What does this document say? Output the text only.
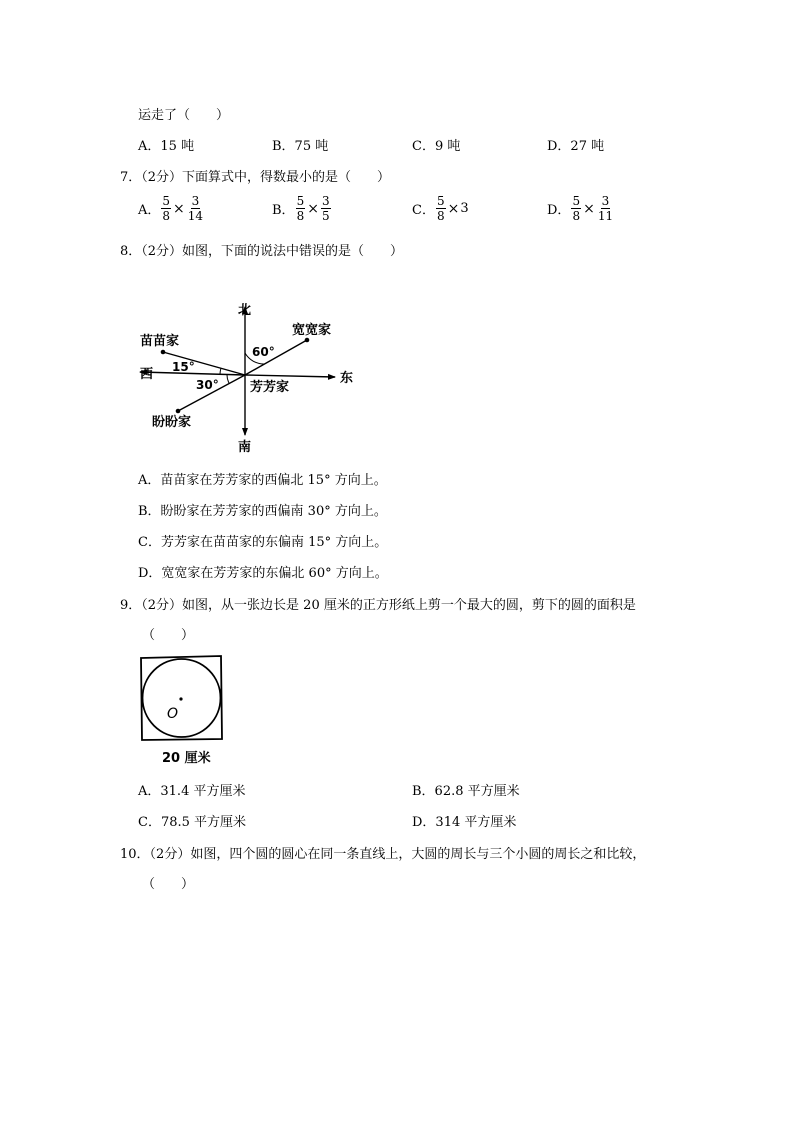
运走了（　　）
A．15 吨	B．75 吨	C．9 吨	D．27 吨
7．（2分）下面算式中，得数最小的是（　　）
A． $\frac{5}{8} \times \frac{3}{14}$	B． $\frac{5}{8} \times \frac{3}{5}$	C． $\frac{5}{8} \times 3$	D． $\frac{5}{8} \times \frac{3}{11}$
8．（2分）如图，下面的说法中错误的是（　　）
北
南
东
西
苗苗家
宽宽家
芳芳家
盼盼家
15°
30°
60°
A．苗苗家在芳芳家的西偏北 15° 方向上。
B．盼盼家在芳芳家的西偏南 30° 方向上。
C．芳芳家在苗苗家的东偏南 15° 方向上。
D．宽宽家在芳芳家的东偏北 60° 方向上。
9．（2分）如图，从一张边长是 20 厘米的正方形纸上剪一个最大的圆，剪下的圆的面积是
（　　）
O
20 厘米
A．31.4 平方厘米	B．62.8 平方厘米
C．78.5 平方厘米	D．314 平方厘米
10．（2分）如图，四个圆的圆心在同一条直线上，大圆的周长与三个小圆的周长之和比较，
（　　）
